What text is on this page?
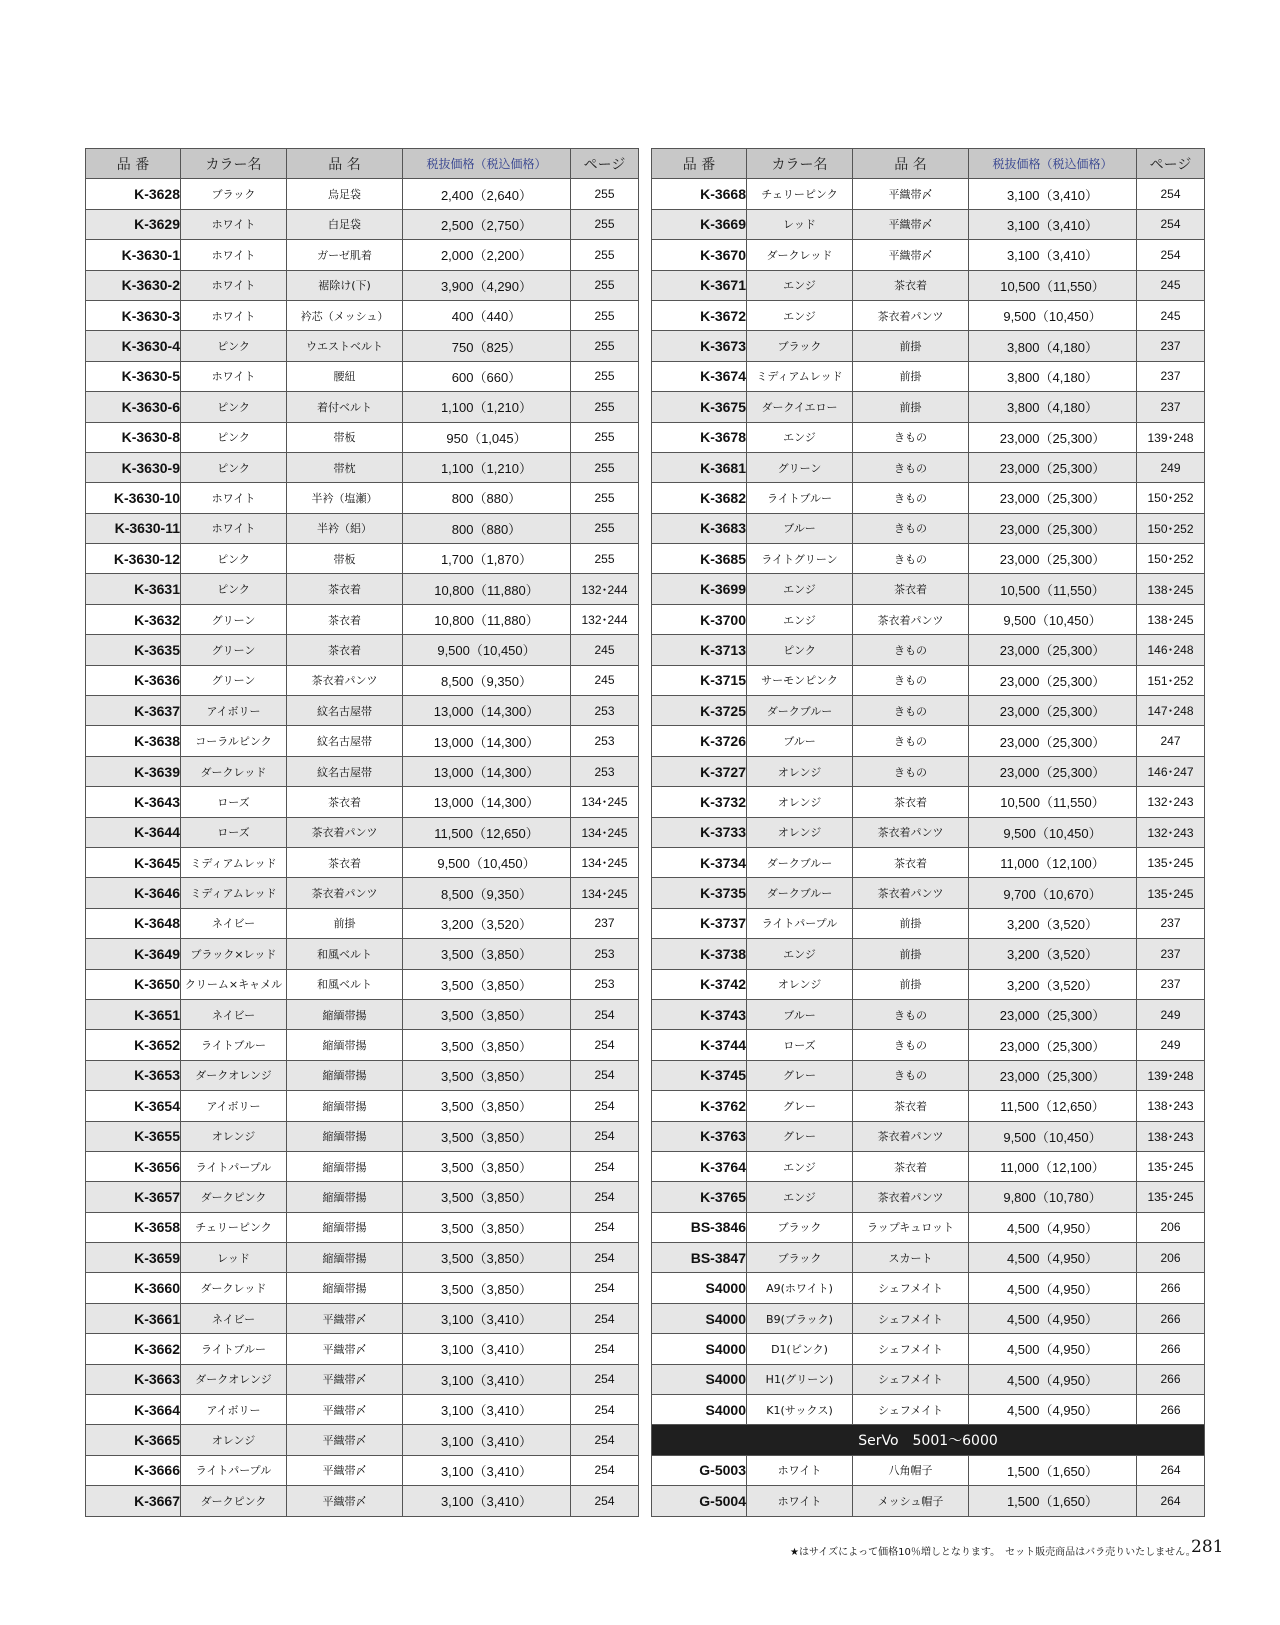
品 番	カラー名	品 名	税抜価格（税込価格）	ページ
K-3628	ブラック	烏足袋	2,400（2,640）	255
K-3629	ホワイト	白足袋	2,500（2,750）	255
K-3630-1	ホワイト	ガーゼ肌着	2,000（2,200）	255
K-3630-2	ホワイト	裾除け(下)	3,900（4,290）	255
K-3630-3	ホワイト	衿芯（メッシュ）	400（440）	255
K-3630-4	ピンク	ウエストベルト	750（825）	255
K-3630-5	ホワイト	腰紐	600（660）	255
K-3630-6	ピンク	着付ベルト	1,100（1,210）	255
K-3630-8	ピンク	帯板	950（1,045）	255
K-3630-9	ピンク	帯枕	1,100（1,210）	255
K-3630-10	ホワイト	半衿（塩瀬）	800（880）	255
K-3630-11	ホワイト	半衿（絽）	800（880）	255
K-3630-12	ピンク	帯板	1,700（1,870）	255
K-3631	ピンク	茶衣着	10,800（11,880）	132･244
K-3632	グリーン	茶衣着	10,800（11,880）	132･244
K-3635	グリーン	茶衣着	9,500（10,450）	245
K-3636	グリーン	茶衣着パンツ	8,500（9,350）	245
K-3637	アイボリー	紋名古屋帯	13,000（14,300）	253
K-3638	コーラルピンク	紋名古屋帯	13,000（14,300）	253
K-3639	ダークレッド	紋名古屋帯	13,000（14,300）	253
K-3643	ローズ	茶衣着	13,000（14,300）	134･245
K-3644	ローズ	茶衣着パンツ	11,500（12,650）	134･245
K-3645	ミディアムレッド	茶衣着	9,500（10,450）	134･245
K-3646	ミディアムレッド	茶衣着パンツ	8,500（9,350）	134･245
K-3648	ネイビー	前掛	3,200（3,520）	237
K-3649	ブラック×レッド	和風ベルト	3,500（3,850）	253
K-3650	クリーム×キャメル	和風ベルト	3,500（3,850）	253
K-3651	ネイビー	縮緬帯揚	3,500（3,850）	254
K-3652	ライトブルー	縮緬帯揚	3,500（3,850）	254
K-3653	ダークオレンジ	縮緬帯揚	3,500（3,850）	254
K-3654	アイボリー	縮緬帯揚	3,500（3,850）	254
K-3655	オレンジ	縮緬帯揚	3,500（3,850）	254
K-3656	ライトパープル	縮緬帯揚	3,500（3,850）	254
K-3657	ダークピンク	縮緬帯揚	3,500（3,850）	254
K-3658	チェリーピンク	縮緬帯揚	3,500（3,850）	254
K-3659	レッド	縮緬帯揚	3,500（3,850）	254
K-3660	ダークレッド	縮緬帯揚	3,500（3,850）	254
K-3661	ネイビー	平織帯〆	3,100（3,410）	254
K-3662	ライトブルー	平織帯〆	3,100（3,410）	254
K-3663	ダークオレンジ	平織帯〆	3,100（3,410）	254
K-3664	アイボリー	平織帯〆	3,100（3,410）	254
K-3665	オレンジ	平織帯〆	3,100（3,410）	254
K-3666	ライトパープル	平織帯〆	3,100（3,410）	254
K-3667	ダークピンク	平織帯〆	3,100（3,410）	254
品 番	カラー名	品 名	税抜価格（税込価格）	ページ
K-3668	チェリーピンク	平織帯〆	3,100（3,410）	254
K-3669	レッド	平織帯〆	3,100（3,410）	254
K-3670	ダークレッド	平織帯〆	3,100（3,410）	254
K-3671	エンジ	茶衣着	10,500（11,550）	245
K-3672	エンジ	茶衣着パンツ	9,500（10,450）	245
K-3673	ブラック	前掛	3,800（4,180）	237
K-3674	ミディアムレッド	前掛	3,800（4,180）	237
K-3675	ダークイエロー	前掛	3,800（4,180）	237
K-3678	エンジ	きもの	23,000（25,300）	139･248
K-3681	グリーン	きもの	23,000（25,300）	249
K-3682	ライトブルー	きもの	23,000（25,300）	150･252
K-3683	ブルー	きもの	23,000（25,300）	150･252
K-3685	ライトグリーン	きもの	23,000（25,300）	150･252
K-3699	エンジ	茶衣着	10,500（11,550）	138･245
K-3700	エンジ	茶衣着パンツ	9,500（10,450）	138･245
K-3713	ピンク	きもの	23,000（25,300）	146･248
K-3715	サーモンピンク	きもの	23,000（25,300）	151･252
K-3725	ダークブルー	きもの	23,000（25,300）	147･248
K-3726	ブルー	きもの	23,000（25,300）	247
K-3727	オレンジ	きもの	23,000（25,300）	146･247
K-3732	オレンジ	茶衣着	10,500（11,550）	132･243
K-3733	オレンジ	茶衣着パンツ	9,500（10,450）	132･243
K-3734	ダークブルー	茶衣着	11,000（12,100）	135･245
K-3735	ダークブルー	茶衣着パンツ	9,700（10,670）	135･245
K-3737	ライトパープル	前掛	3,200（3,520）	237
K-3738	エンジ	前掛	3,200（3,520）	237
K-3742	オレンジ	前掛	3,200（3,520）	237
K-3743	ブルー	きもの	23,000（25,300）	249
K-3744	ローズ	きもの	23,000（25,300）	249
K-3745	グレー	きもの	23,000（25,300）	139･248
K-3762	グレー	茶衣着	11,500（12,650）	138･243
K-3763	グレー	茶衣着パンツ	9,500（10,450）	138･243
K-3764	エンジ	茶衣着	11,000（12,100）	135･245
K-3765	エンジ	茶衣着パンツ	9,800（10,780）	135･245
BS-3846	ブラック	ラップキュロット	4,500（4,950）	206
BS-3847	ブラック	スカート	4,500（4,950）	206
S4000	A9(ホワイト)	シェフメイト	4,500（4,950）	266
S4000	B9(ブラック)	シェフメイト	4,500（4,950）	266
S4000	D1(ピンク)	シェフメイト	4,500（4,950）	266
S4000	H1(グリーン)	シェフメイト	4,500（4,950）	266
S4000	K1(サックス)	シェフメイト	4,500（4,950）	266
SerVo　5001～6000				
G-5003	ホワイト	八角帽子	1,500（1,650）	264
G-5004	ホワイト	メッシュ帽子	1,500（1,650）	264
★はサイズによって価格10％増しとなります。　セット販売商品はバラ売りいたしません。
281
